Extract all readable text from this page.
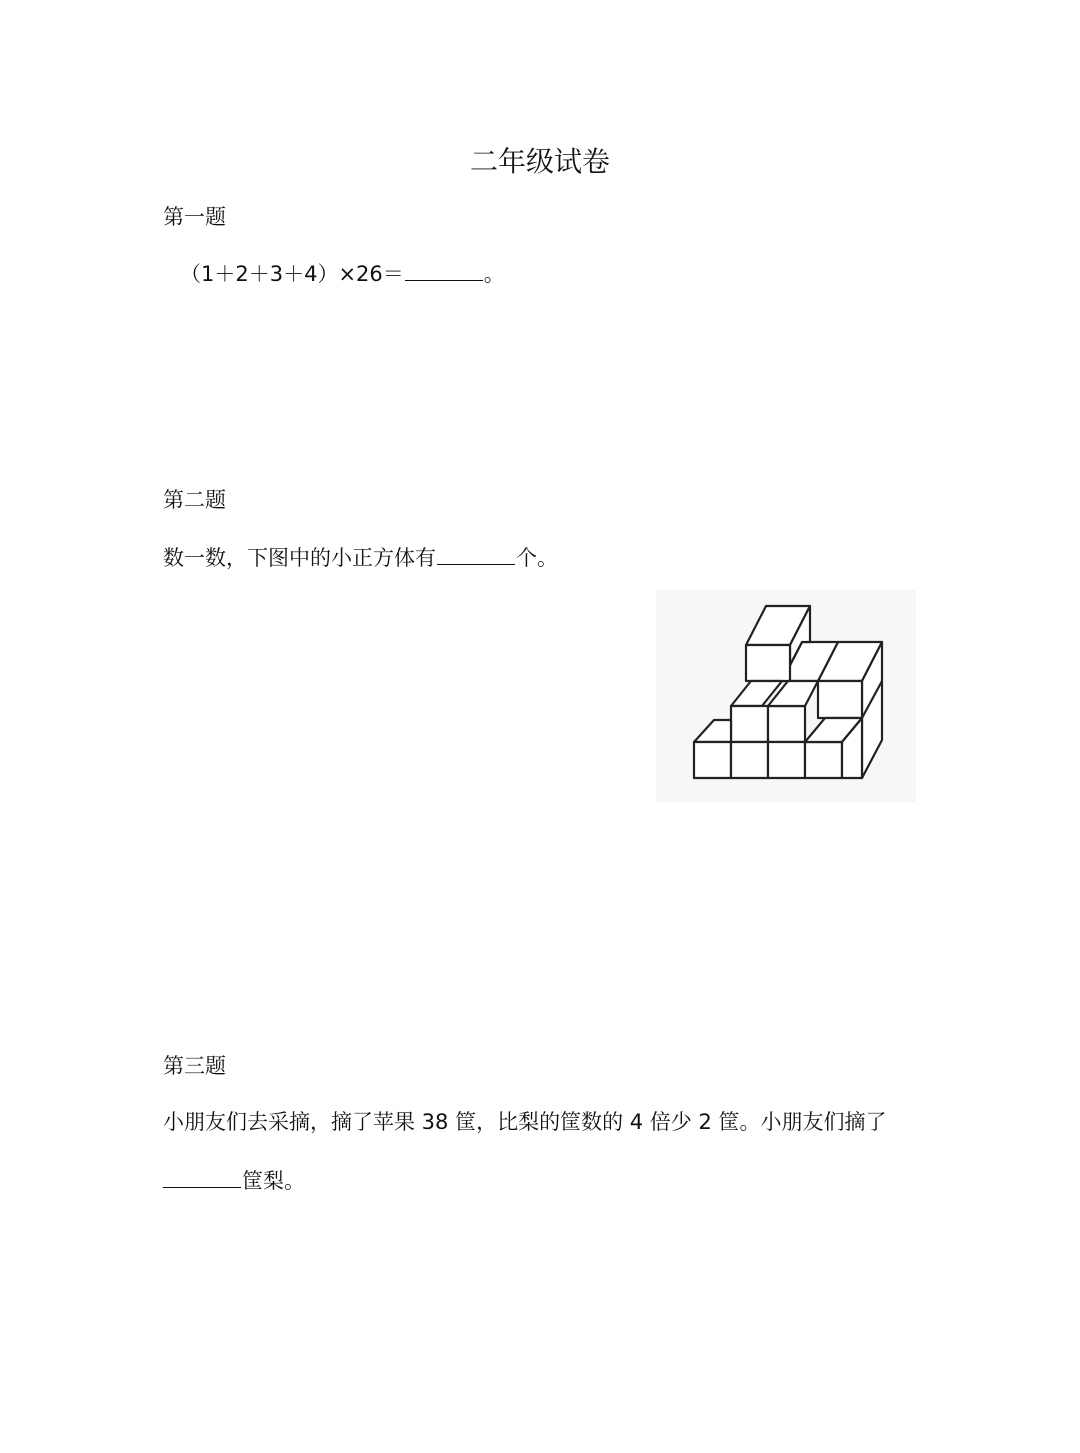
二年级试卷
第一题
（1＋2＋3＋4）×26＝	。
第二题
数一数，下图中的小正方体有	个。
第三题
小朋友们去采摘，摘了苹果 38 筐，比梨的筐数的 4 倍少 2 筐。小朋友们摘了
筐梨。
